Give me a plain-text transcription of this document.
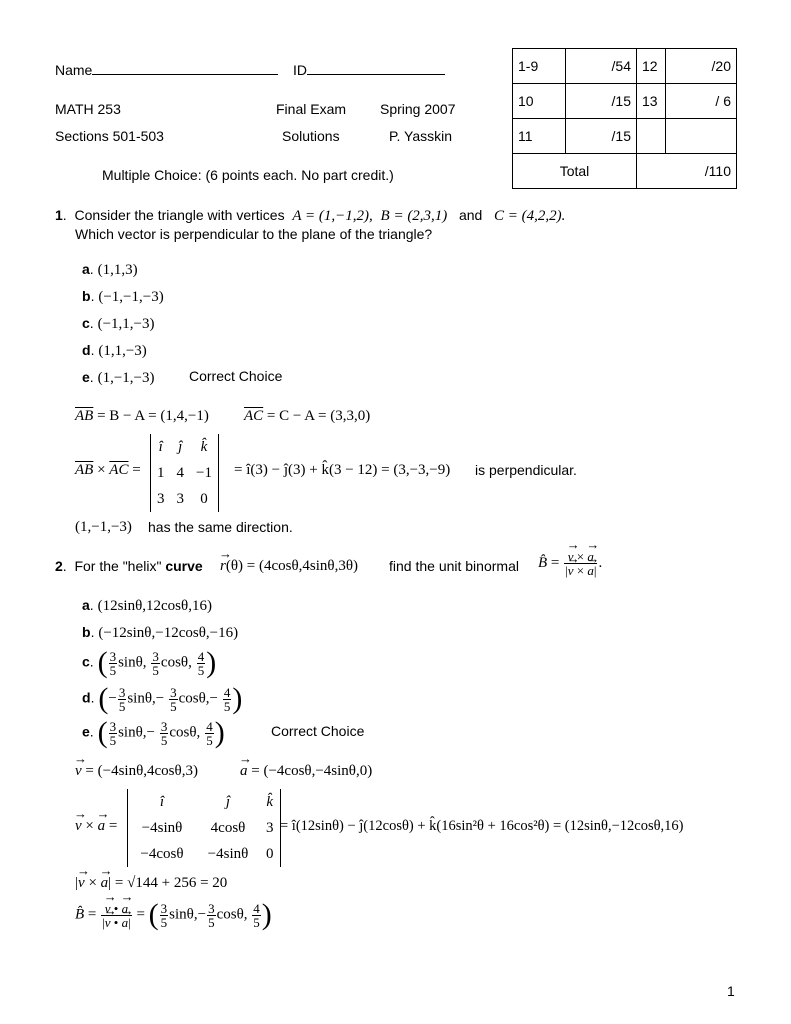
Name	ID
MATH 253	Final Exam Spring 2007
Sections 501-503	Solutions	P. Yasskin
Multiple Choice: (6 points each. No part credit.)
1-9	/54	12	/20
10	/15	13	/ 6
11	/15		
Total		/110	
1.  Consider the triangle with vertices A = (1,−1,2), B = (2,3,1) and C = (4,2,2).
Which vector is perpendicular to the plane of the triangle?
a. (1,1,3)
b. (−1,−1,−3)
c. (−1,1,−3)
d. (1,1,−3)
e. (1,−1,−3) Correct Choice
$\overline{AB} = B - A = (1,4,-1) \overline{AC} = C - A = (3,3,0)$
$\overline{AB} \times \overline{AC}$ =
î	ĵ	k̂
1	4	−1
3	3	0
= î(3) − ĵ(3) + k̂(3 − 12) = (3,−3,−9) is perpendicular.
(1,−1,−3) has the same direction.
2.  For the "helix" curve r →(θ) = (4cosθ,4sinθ,3θ) find the unit binormal B̂ = $\frac{v \to \times a \to}{|v \to \times a \to|}$ .
a. (12sinθ,12cosθ,16)
b. (−12sinθ,−12cosθ,−16)
c. ( $\frac{3}{5} \sin\theta$, $\frac{3}{5} \cos\theta$, $\frac{4}{5}$ )
d. (− $\frac{3}{5} \sin\theta,- \frac{3}{5} \cos\theta,- \frac{4}{5}$ )
e. ( $\frac{3}{5} \sin\theta,- \frac{3}{5} \cos\theta$, $\frac{4}{5}$ )	Correct Choice
v → = (−4sinθ,4cosθ,3)	a → = (−4cosθ,−4sinθ,0)
v → × a → =
î	ĵ	k̂
−4sinθ	4cosθ	3
−4cosθ	−4sinθ	0
= î(12sinθ) − ĵ(12cosθ) + k̂(16sin²θ + 16cos²θ) = (12sinθ,−12cosθ,16)
|v → × a →| = √144 + 256 = 20
B̂ = $\frac{v \to • a \to}{|v \to • a \to|}$ = ( $\frac{3}{5} \sin\theta,- \frac{3}{5} \cos\theta$, $\frac{4}{5}$ )
1
